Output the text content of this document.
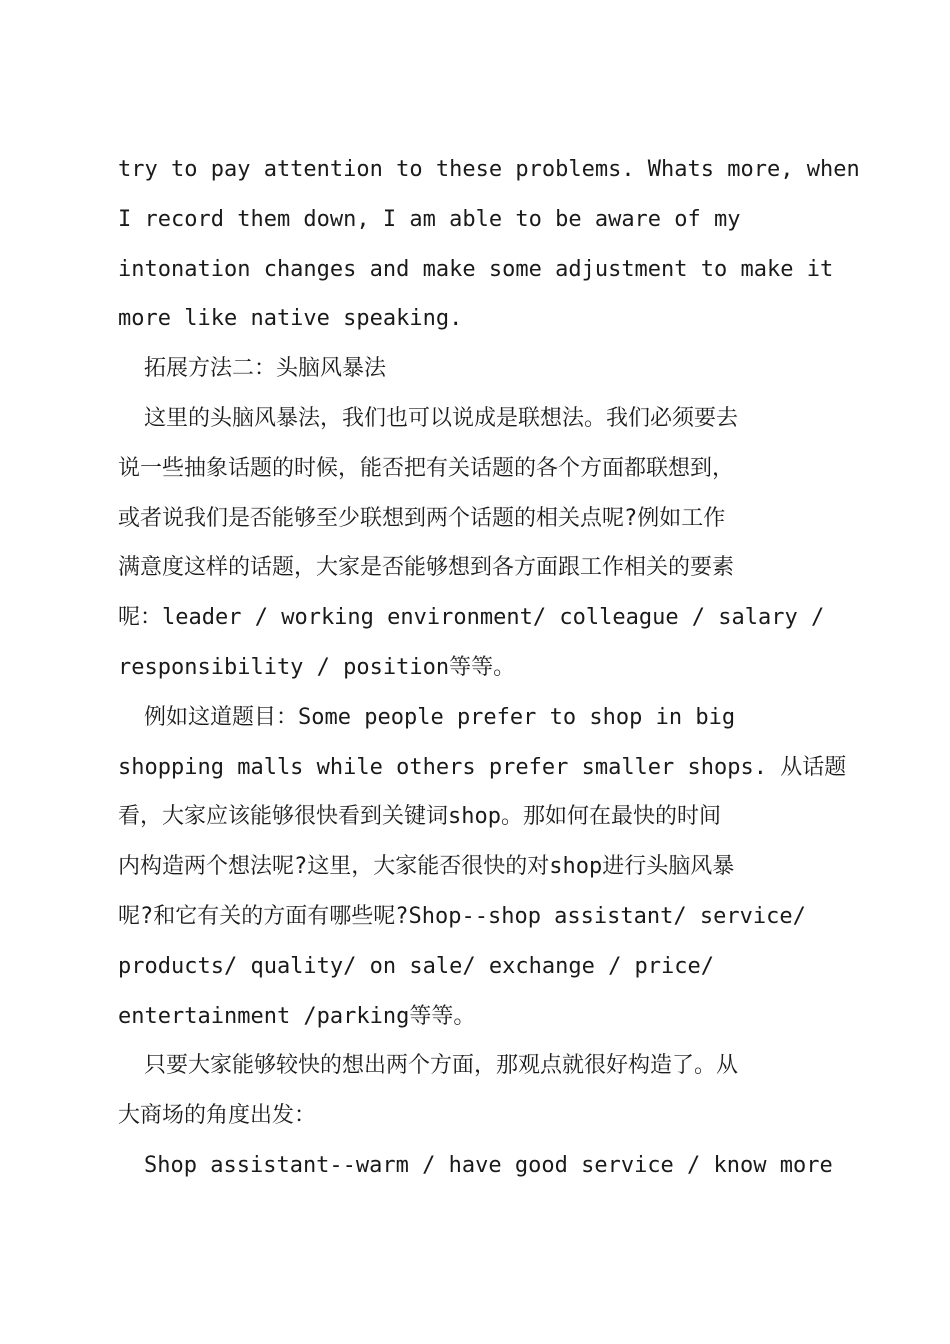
try to pay attention to these problems. Whats more, when
I record them down, I am able to be aware of my
intonation changes and make some adjustment to make it
more like native speaking.
拓展方法二：头脑风暴法
这里的头脑风暴法，我们也可以说成是联想法。我们必须要去
说一些抽象话题的时候，能否把有关话题的各个方面都联想到，
或者说我们是否能够至少联想到两个话题的相关点呢?例如工作
满意度这样的话题，大家是否能够想到各方面跟工作相关的要素
呢：leader / working environment/ colleague / salary /
responsibility / position等等。
例如这道题目：Some people prefer to shop in big
shopping malls while others prefer smaller shops. 从话题
看，大家应该能够很快看到关键词shop。那如何在最快的时间
内构造两个想法呢?这里，大家能否很快的对shop进行头脑风暴
呢?和它有关的方面有哪些呢?Shop--shop assistant/ service/
products/ quality/ on sale/ exchange / price/
entertainment /parking等等。
只要大家能够较快的想出两个方面，那观点就很好构造了。从
大商场的角度出发：
Shop assistant--warm / have good service / know more
